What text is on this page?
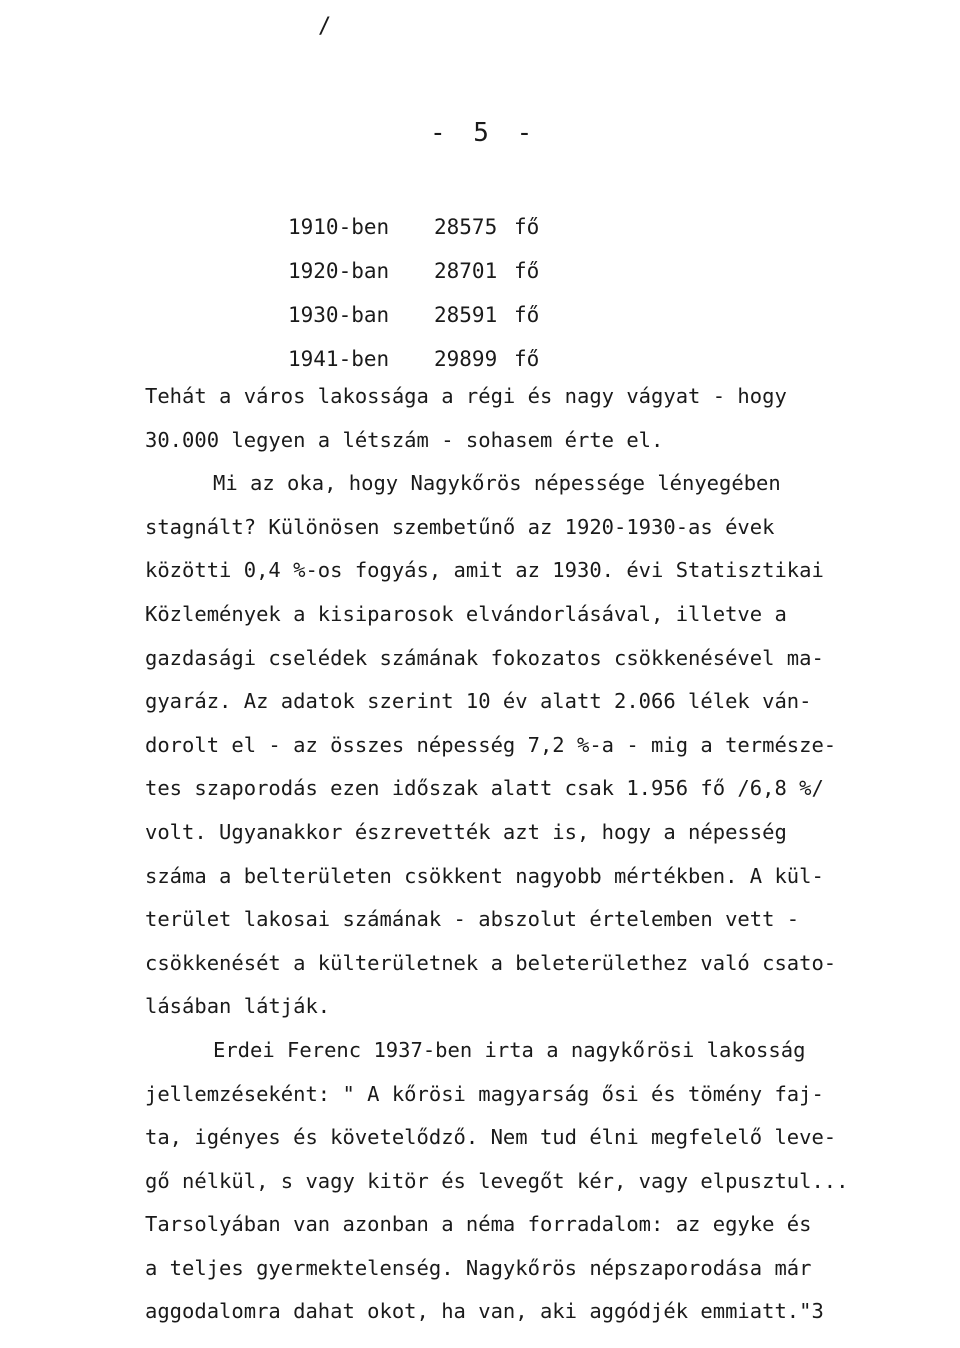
/
- 5 -
1910-ben 28575 fő
1920-ban 28701 fő
1930-ban 28591 fő
1941-ben 29899 fő
Tehát a város lakossága a régi és nagy vágyat - hogy
30.000 legyen a létszám - sohasem érte el.
Mi az oka, hogy Nagykőrös népessége lényegében
stagnált? Különösen szembetűnő az 1920-1930-as évek
közötti 0,4 %-os fogyás, amit az 1930. évi Statisztikai
Közlemények a kisiparosok elvándorlásával, illetve a
gazdasági cselédek számának fokozatos csökkenésével ma-
gyaráz. Az adatok szerint 10 év alatt 2.066 lélek ván-
dorolt el - az összes népesség 7,2 %-a - mig a természe-
tes szaporodás ezen időszak alatt csak 1.956 fő /6,8 %/
volt. Ugyanakkor észrevették azt is, hogy a népesség
száma a belterületen csökkent nagyobb mértékben. A kül-
terület lakosai számának - abszolut értelemben vett -
csökkenését a külterületnek a beleterülethez való csato-
lásában látják.
Erdei Ferenc 1937-ben irta a nagykőrösi lakosság
jellemzéseként: " A kőrösi magyarság ősi és tömény faj-
ta, igényes és követelődző. Nem tud élni megfelelő leve-
gő nélkül, s vagy kitör és levegőt kér, vagy elpusztul...
Tarsolyában van azonban a néma forradalom: az egyke és
a teljes gyermektelenség. Nagykőrös népszaporodása már
aggodalomra dahat okot, ha van, aki aggódjék emmiatt."3
